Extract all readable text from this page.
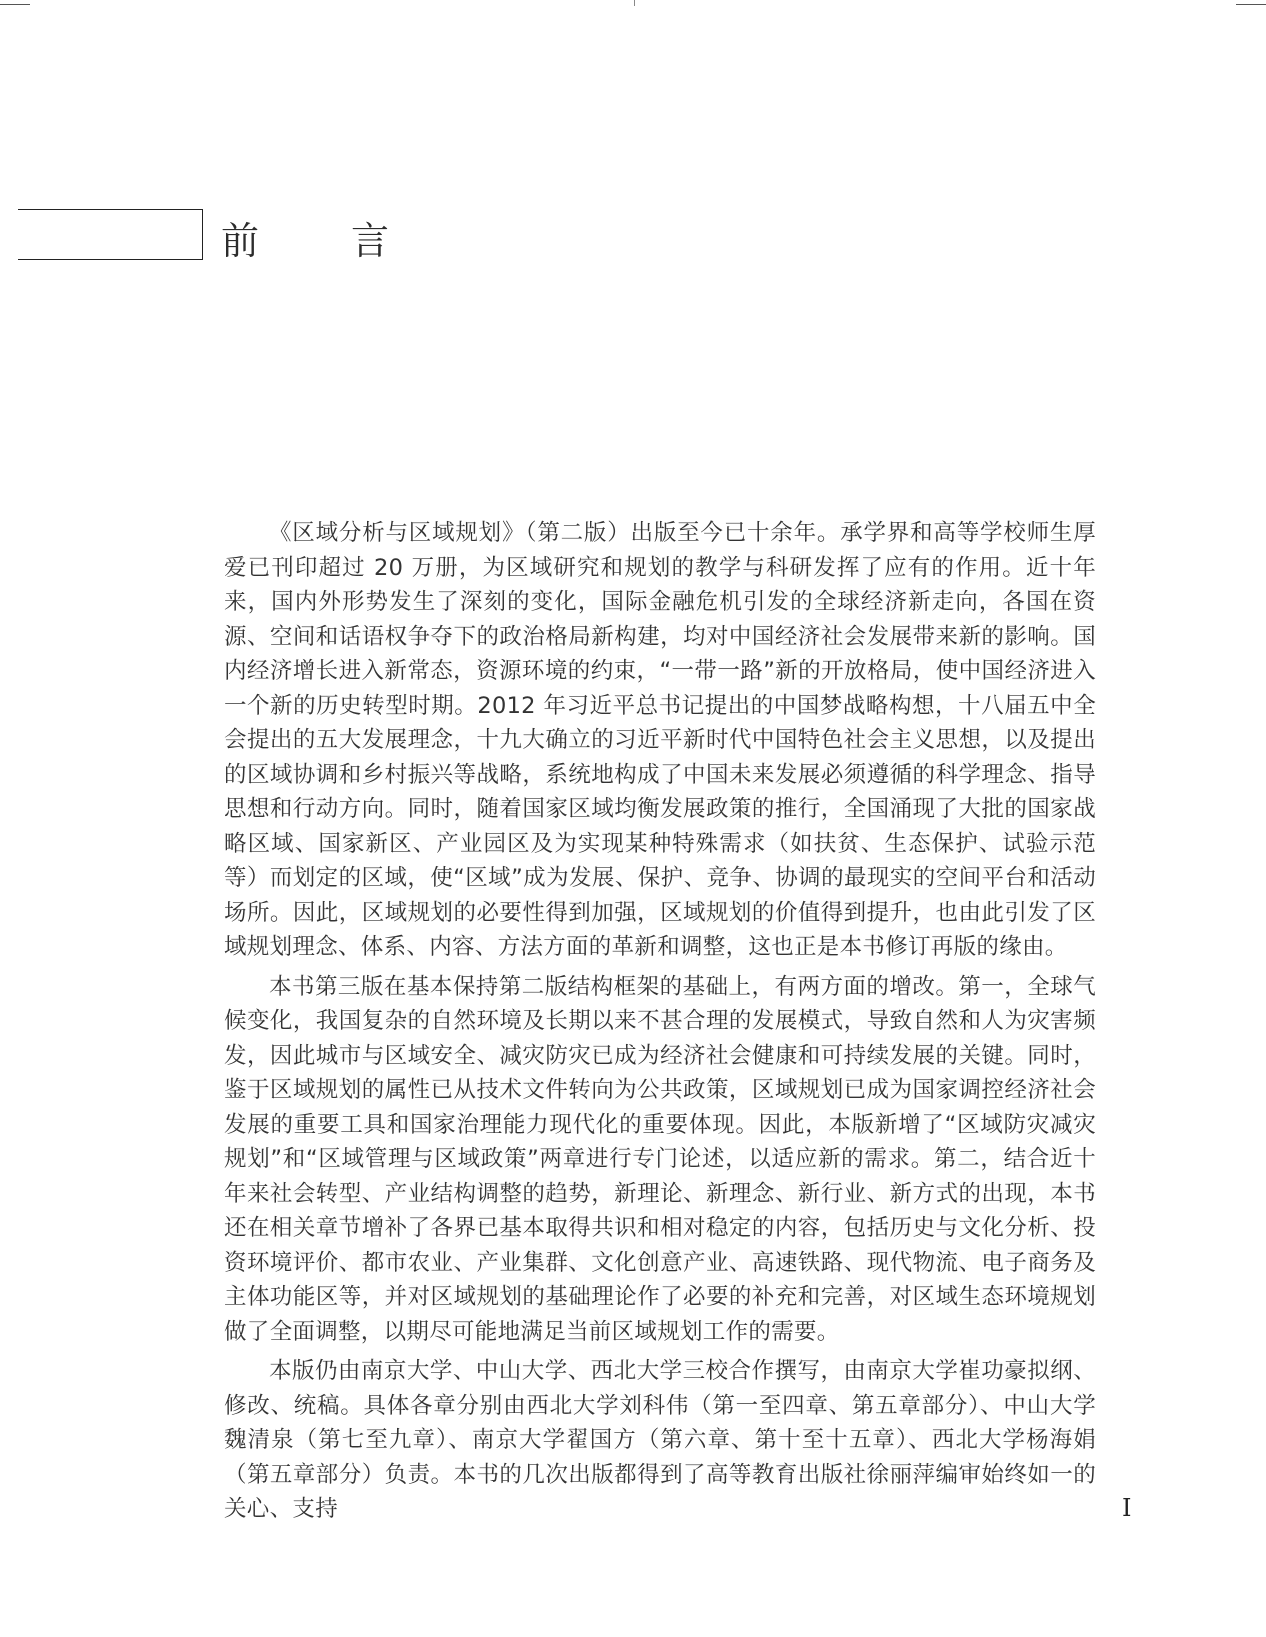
前 言

《区域分析与区域规划》（第二版）出版至今已十余年。承学界和高等学校师生厚爱已刊印超过 20 万册，为区域研究和规划的教学与科研发挥了应有的作用。近十年来，国内外形势发生了深刻的变化，国际金融危机引发的全球经济新走向，各国在资源、空间和话语权争夺下的政治格局新构建，均对中国经济社会发展带来新的影响。国内经济增长进入新常态，资源环境的约束，“一带一路”新的开放格局，使中国经济进入一个新的历史转型时期。2012 年习近平总书记提出的中国梦战略构想，十八届五中全会提出的五大发展理念，十九大确立的习近平新时代中国特色社会主义思想，以及提出的区域协调和乡村振兴等战略，系统地构成了中国未来发展必须遵循的科学理念、指导思想和行动方向。同时，随着国家区域均衡发展政策的推行，全国涌现了大批的国家战略区域、国家新区、产业园区及为实现某种特殊需求（如扶贫、生态保护、试验示范等）而划定的区域，使“区域”成为发展、保护、竞争、协调的最现实的空间平台和活动场所。因此，区域规划的必要性得到加强，区域规划的价值得到提升，也由此引发了区域规划理念、体系、内容、方法方面的革新和调整，这也正是本书修订再版的缘由。

本书第三版在基本保持第二版结构框架的基础上，有两方面的增改。第一，全球气候变化，我国复杂的自然环境及长期以来不甚合理的发展模式，导致自然和人为灾害频发，因此城市与区域安全、减灾防灾已成为经济社会健康和可持续发展的关键。同时，鉴于区域规划的属性已从技术文件转向为公共政策，区域规划已成为国家调控经济社会发展的重要工具和国家治理能力现代化的重要体现。因此，本版新增了“区域防灾减灾规划”和“区域管理与区域政策”两章进行专门论述，以适应新的需求。第二，结合近十年来社会转型、产业结构调整的趋势，新理论、新理念、新行业、新方式的出现，本书还在相关章节增补了各界已基本取得共识和相对稳定的内容，包括历史与文化分析、投资环境评价、都市农业、产业集群、文化创意产业、高速铁路、现代物流、电子商务及主体功能区等，并对区域规划的基础理论作了必要的补充和完善，对区域生态环境规划做了全面调整，以期尽可能地满足当前区域规划工作的需要。

本版仍由南京大学、中山大学、西北大学三校合作撰写，由南京大学崔功豪拟纲、修改、统稿。具体各章分别由西北大学刘科伟（第一至四章、第五章部分）、中山大学魏清泉（第七至九章）、南京大学翟国方（第六章、第十至十五章）、西北大学杨海娟（第五章部分）负责。本书的几次出版都得到了高等教育出版社徐丽萍编审始终如一的关心、支持	I
